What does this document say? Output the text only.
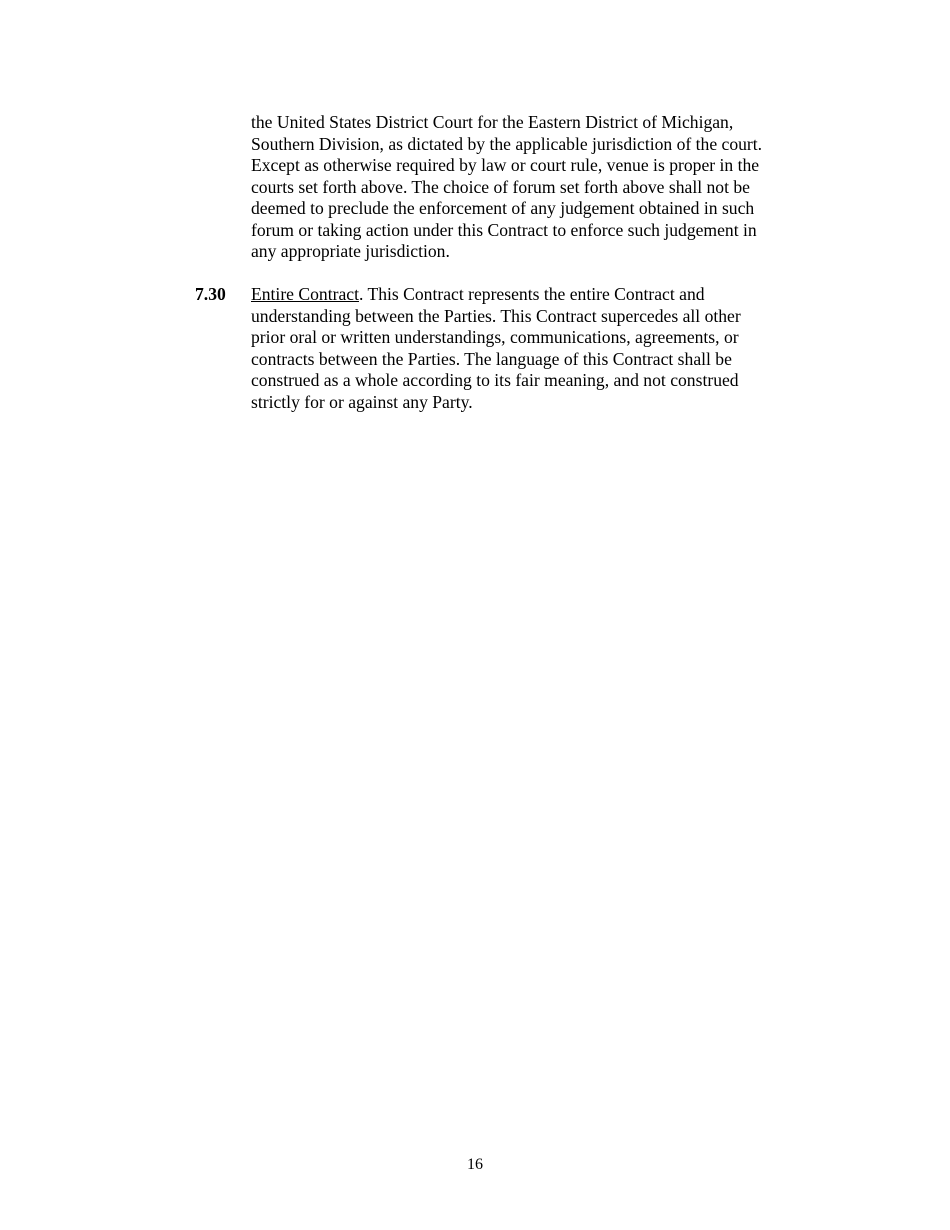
the United States District Court for the Eastern District of Michigan,
Southern Division, as dictated by the applicable jurisdiction of the court.
Except as otherwise required by law or court rule, venue is proper in the
courts set forth above. The choice of forum set forth above shall not be
deemed to preclude the enforcement of any judgement obtained in such
forum or taking action under this Contract to enforce such judgement in
any appropriate jurisdiction.
7.30 Entire Contract. This Contract represents the entire Contract and
understanding between the Parties. This Contract supercedes all other
prior oral or written understandings, communications, agreements, or
contracts between the Parties. The language of this Contract shall be
construed as a whole according to its fair meaning, and not construed
strictly for or against any Party.
16
